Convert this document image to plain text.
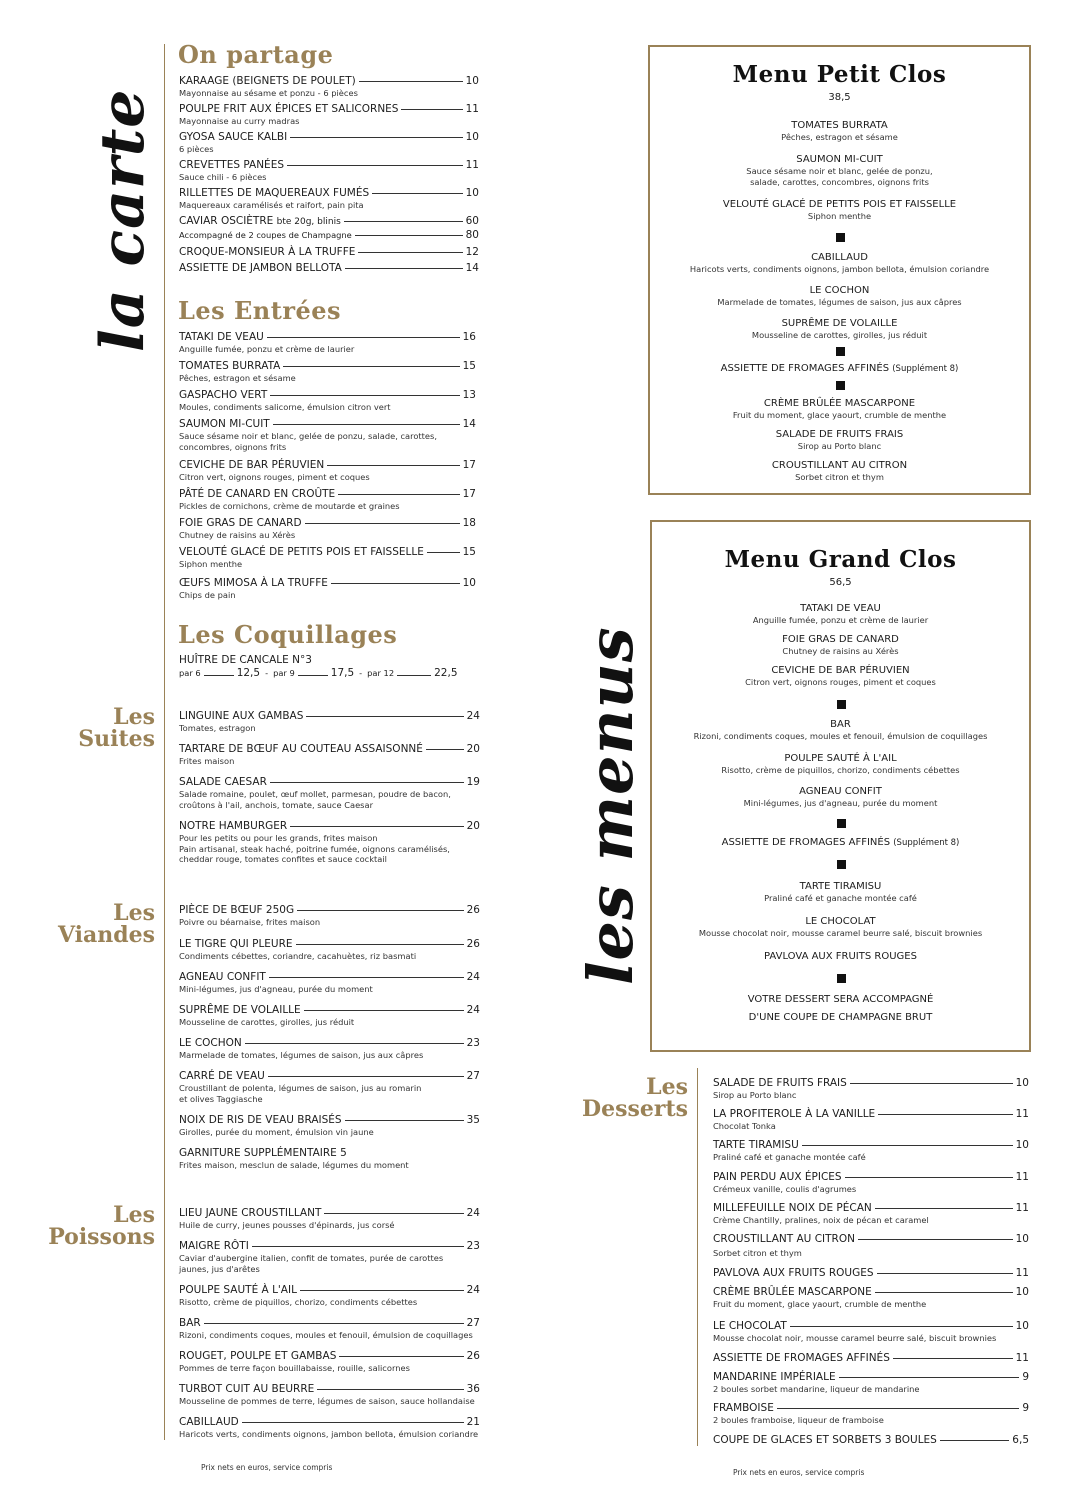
la carte
On partage
KARAAGE (BEIGNETS DE POULET)	10
Mayonnaise au sésame et ponzu - 6 pièces
POULPE FRIT AUX ÉPICES ET SALICORNES	11
Mayonnaise au curry madras
GYOSA SAUCE KALBI	10
6 pièces
CREVETTES PANÉES	11
Sauce chili - 6 pièces
RILLETTES DE MAQUEREAUX FUMÉS	10
Maquereaux caramélisés et raifort, pain pita
CAVIAR OSCIÈTRE bte 20g, blinis	60
Accompagné de 2 coupes de Champagne	80
CROQUE-MONSIEUR À LA TRUFFE	12
ASSIETTE DE JAMBON BELLOTA	14
Les Entrées
TATAKI DE VEAU	16
Anguille fumée, ponzu et crème de laurier
TOMATES BURRATA	15
Pêches, estragon et sésame
GASPACHO VERT	13
Moules, condiments salicorne, émulsion citron vert
SAUMON MI-CUIT	14
Sauce sésame noir et blanc, gelée de ponzu, salade, carottes,
concombres, oignons frits
CEVICHE DE BAR PÉRUVIEN	17
Citron vert, oignons rouges, piment et coques
PÂTÉ DE CANARD EN CROÛTE	17
Pickles de cornichons, crème de moutarde et graines
FOIE GRAS DE CANARD	18
Chutney de raisins au Xérès
VELOUTÉ GLACÉ DE PETITS POIS ET FAISSELLE	15
Siphon menthe
ŒUFS MIMOSA À LA TRUFFE	10
Chips de pain
Les Coquillages
HUÎTRE DE CANCALE N°3
par 6	12,5 - par 9	17,5 - par 12	22,5
Les
Suites
LINGUINE AUX GAMBAS	24
Tomates, estragon
TARTARE DE BŒUF AU COUTEAU ASSAISONNÉ	20
Frites maison
SALADE CAESAR	19
Salade romaine, poulet, œuf mollet, parmesan, poudre de bacon,
croûtons à l'ail, anchois, tomate, sauce Caesar
NOTRE HAMBURGER	20
Pour les petits ou pour les grands, frites maison
Pain artisanal, steak haché, poitrine fumée, oignons caramélisés,
cheddar rouge, tomates confites et sauce cocktail
Les
Viandes
PIÈCE DE BŒUF 250G	26
Poivre ou béarnaise, frites maison
LE TIGRE QUI PLEURE	26
Condiments cébettes, coriandre, cacahuètes, riz basmati
AGNEAU CONFIT	24
Mini-légumes, jus d'agneau, purée du moment
SUPRÊME DE VOLAILLE	24
Mousseline de carottes, girolles, jus réduit
LE COCHON	23
Marmelade de tomates, légumes de saison, jus aux câpres
CARRÉ DE VEAU	27
Croustillant de polenta, légumes de saison, jus au romarin
et olives Taggiasche
NOIX DE RIS DE VEAU BRAISÉS	35
Girolles, purée du moment, émulsion vin jaune
GARNITURE SUPPLÉMENTAIRE 5
Frites maison, mesclun de salade, légumes du moment
Les
Poissons
LIEU JAUNE CROUSTILLANT	24
Huile de curry, jeunes pousses d'épinards, jus corsé
MAIGRE RÔTI	23
Caviar d'aubergine italien, confit de tomates, purée de carottes
jaunes, jus d'arêtes
POULPE SAUTÉ À L'AIL	24
Risotto, crème de piquillos, chorizo, condiments cébettes
BAR	27
Rizoni, condiments coques, moules et fenouil, émulsion de coquillages
ROUGET, POULPE ET GAMBAS	26
Pommes de terre façon bouillabaisse, rouille, salicornes
TURBOT CUIT AU BEURRE	36
Mousseline de pommes de terre, légumes de saison, sauce hollandaise
CABILLAUD	21
Haricots verts, condiments oignons, jambon bellota, émulsion coriandre
Prix nets en euros, service compris
les menus
Menu Petit Clos
38,5
TOMATES BURRATA
Pêches, estragon et sésame
SAUMON MI-CUIT
Sauce sésame noir et blanc, gelée de ponzu,
salade, carottes, concombres, oignons frits
VELOUTÉ GLACÉ DE PETITS POIS ET FAISSELLE
Siphon menthe
CABILLAUD
Haricots verts, condiments oignons, jambon bellota, émulsion coriandre
LE COCHON
Marmelade de tomates, légumes de saison, jus aux câpres
SUPRÊME DE VOLAILLE
Mousseline de carottes, girolles, jus réduit
ASSIETTE DE FROMAGES AFFINÉS (Supplément 8)
CRÈME BRÛLÉE MASCARPONE
Fruit du moment, glace yaourt, crumble de menthe
SALADE DE FRUITS FRAIS
Sirop au Porto blanc
CROUSTILLANT AU CITRON
Sorbet citron et thym
Menu Grand Clos
56,5
TATAKI DE VEAU
Anguille fumée, ponzu et crème de laurier
FOIE GRAS DE CANARD
Chutney de raisins au Xérès
CEVICHE DE BAR PÉRUVIEN
Citron vert, oignons rouges, piment et coques
BAR
Rizoni, condiments coques, moules et fenouil, émulsion de coquillages
POULPE SAUTÉ À L'AIL
Risotto, crème de piquillos, chorizo, condiments cébettes
AGNEAU CONFIT
Mini-légumes, jus d'agneau, purée du moment
ASSIETTE DE FROMAGES AFFINÉS (Supplément 8)
TARTE TIRAMISU
Praliné café et ganache montée café
LE CHOCOLAT
Mousse chocolat noir, mousse caramel beurre salé, biscuit brownies
PAVLOVA AUX FRUITS ROUGES
VOTRE DESSERT SERA ACCOMPAGNÉ
D'UNE COUPE DE CHAMPAGNE BRUT
Les
Desserts
SALADE DE FRUITS FRAIS	10
Sirop au Porto blanc
LA PROFITEROLE À LA VANILLE	11
Chocolat Tonka
TARTE TIRAMISU	10
Praliné café et ganache montée café
PAIN PERDU AUX ÉPICES	11
Crémeux vanille, coulis d'agrumes
MILLEFEUILLE NOIX DE PÉCAN	11
Crème Chantilly, pralines, noix de pécan et caramel
CROUSTILLANT AU CITRON	10
Sorbet citron et thym
PAVLOVA AUX FRUITS ROUGES	11
CRÈME BRÛLÉE MASCARPONE	10
Fruit du moment, glace yaourt, crumble de menthe
LE CHOCOLAT	10
Mousse chocolat noir, mousse caramel beurre salé, biscuit brownies
ASSIETTE DE FROMAGES AFFINÉS	11
MANDARINE IMPÉRIALE	9
2 boules sorbet mandarine, liqueur de mandarine
FRAMBOISE	9
2 boules framboise, liqueur de framboise
COUPE DE GLACES ET SORBETS 3 BOULES	6,5
Prix nets en euros, service compris
